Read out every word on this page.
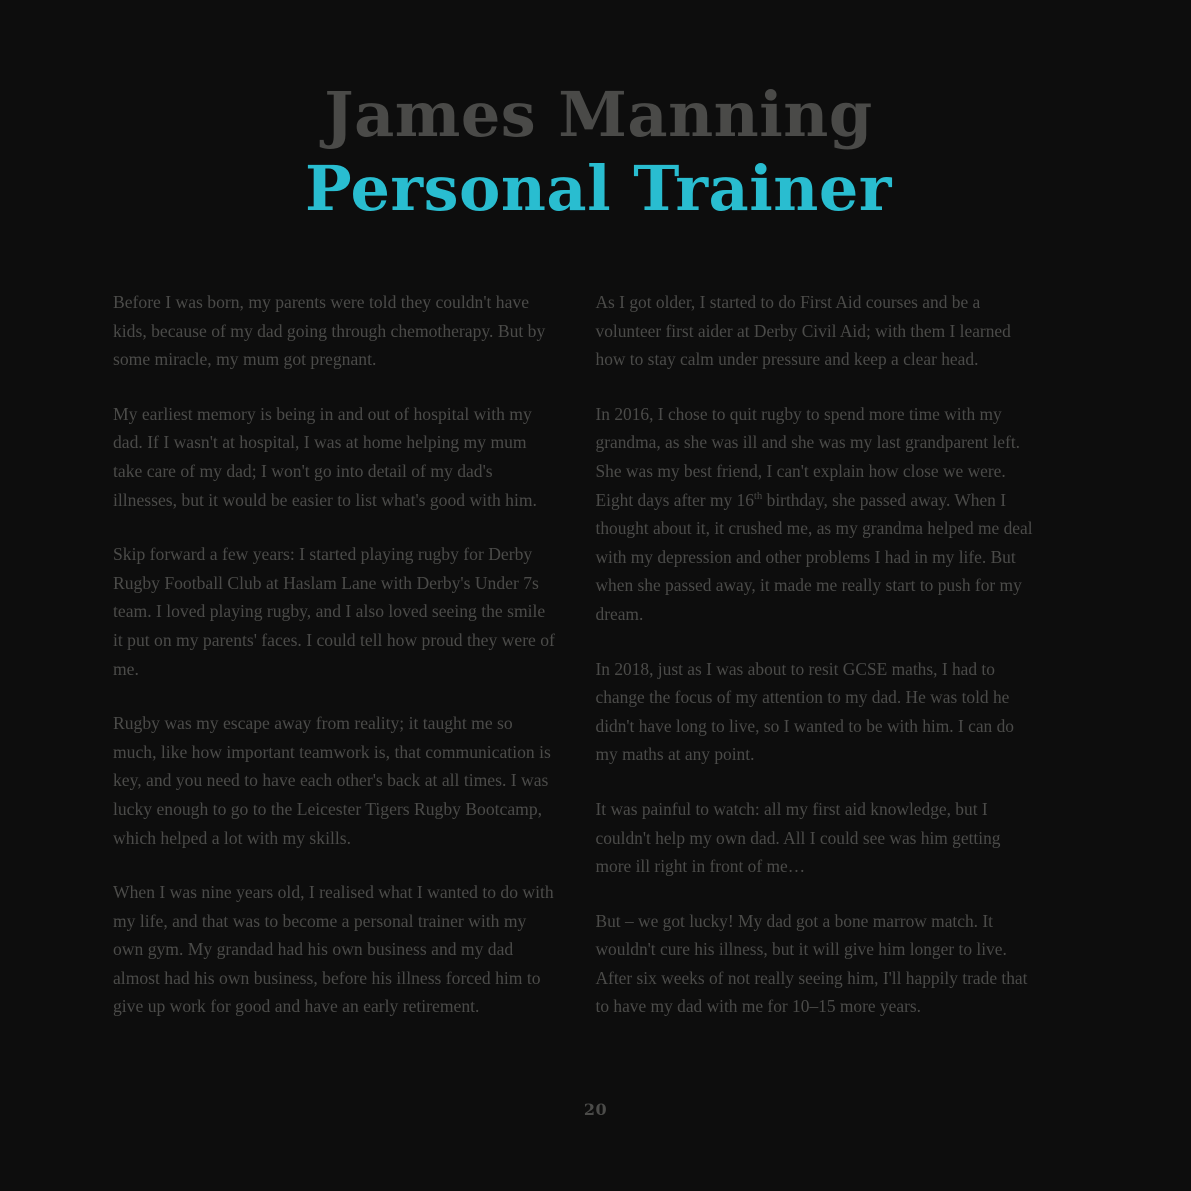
James Manning
Personal Trainer

Before I was born, my parents were told they couldn't have kids, because of my dad going through chemotherapy. But by some miracle, my mum got pregnant.

My earliest memory is being in and out of hospital with my dad. If I wasn't at hospital, I was at home helping my mum take care of my dad; I won't go into detail of my dad's illnesses, but it would be easier to list what's good with him.

Skip forward a few years: I started playing rugby for Derby Rugby Football Club at Haslam Lane with Derby's Under 7s team. I loved playing rugby, and I also loved seeing the smile it put on my parents' faces. I could tell how proud they were of me.

Rugby was my escape away from reality; it taught me so much, like how important teamwork is, that communication is key, and you need to have each other's back at all times. I was lucky enough to go to the Leicester Tigers Rugby Bootcamp, which helped a lot with my skills.

When I was nine years old, I realised what I wanted to do with my life, and that was to become a personal trainer with my own gym. My grandad had his own business and my dad almost had his own business, before his illness forced him to give up work for good and have an early retirement.

As I got older, I started to do First Aid courses and be a volunteer first aider at Derby Civil Aid; with them I learned how to stay calm under pressure and keep a clear head.

In 2016, I chose to quit rugby to spend more time with my grandma, as she was ill and she was my last grandparent left. She was my best friend, I can't explain how close we were. Eight days after my 16th birthday, she passed away. When I thought about it, it crushed me, as my grandma helped me deal with my depression and other problems I had in my life. But when she passed away, it made me really start to push for my dream.

In 2018, just as I was about to resit GCSE maths, I had to change the focus of my attention to my dad. He was told he didn't have long to live, so I wanted to be with him. I can do my maths at any point.

It was painful to watch: all my first aid knowledge, but I couldn't help my own dad. All I could see was him getting more ill right in front of me…

But – we got lucky! My dad got a bone marrow match. It wouldn't cure his illness, but it will give him longer to live. After six weeks of not really seeing him, I'll happily trade that to have my dad with me for 10–15 more years.

20
